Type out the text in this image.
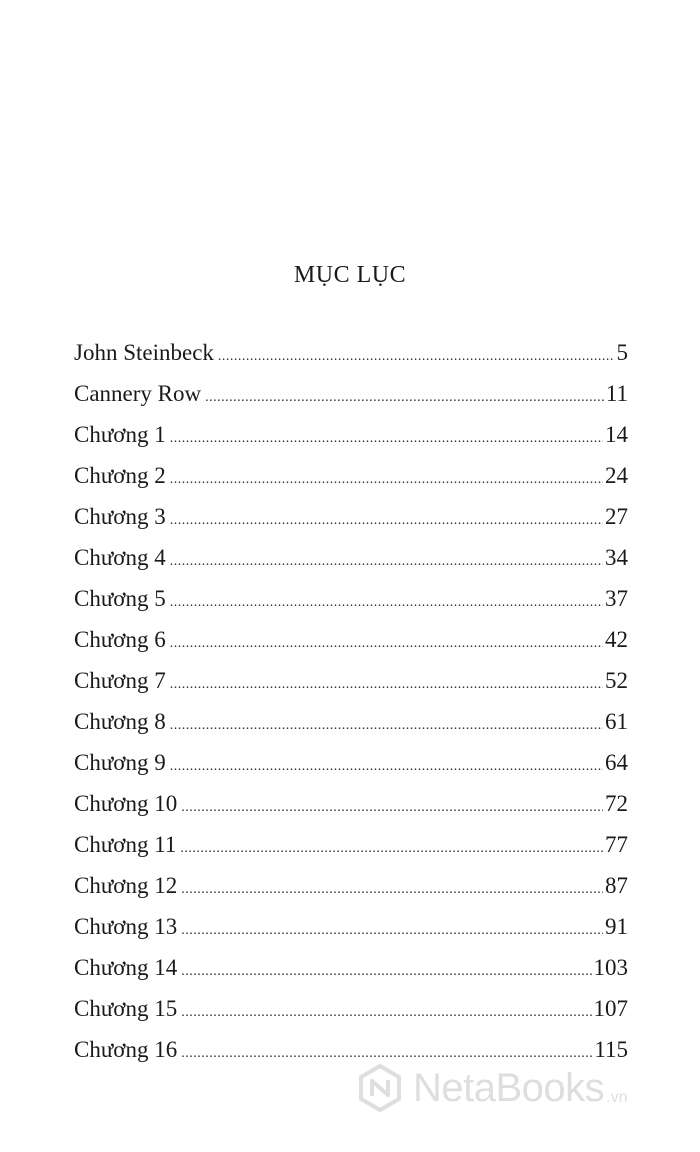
MỤC LỤC
John Steinbeck .....	5
Cannery Row .....	11
Chương 1 .....	14
Chương 2 .....	24
Chương 3 .....	27
Chương 4 .....	34
Chương 5 .....	37
Chương 6 .....	42
Chương 7 .....	52
Chương 8 .....	61
Chương 9 .....	64
Chương 10 .....	72
Chương 11 .....	77
Chương 12 .....	87
Chương 13 .....	91
Chương 14 .....	103
Chương 15 .....	107
Chương 16 .....	115
NetaBooks .vn
